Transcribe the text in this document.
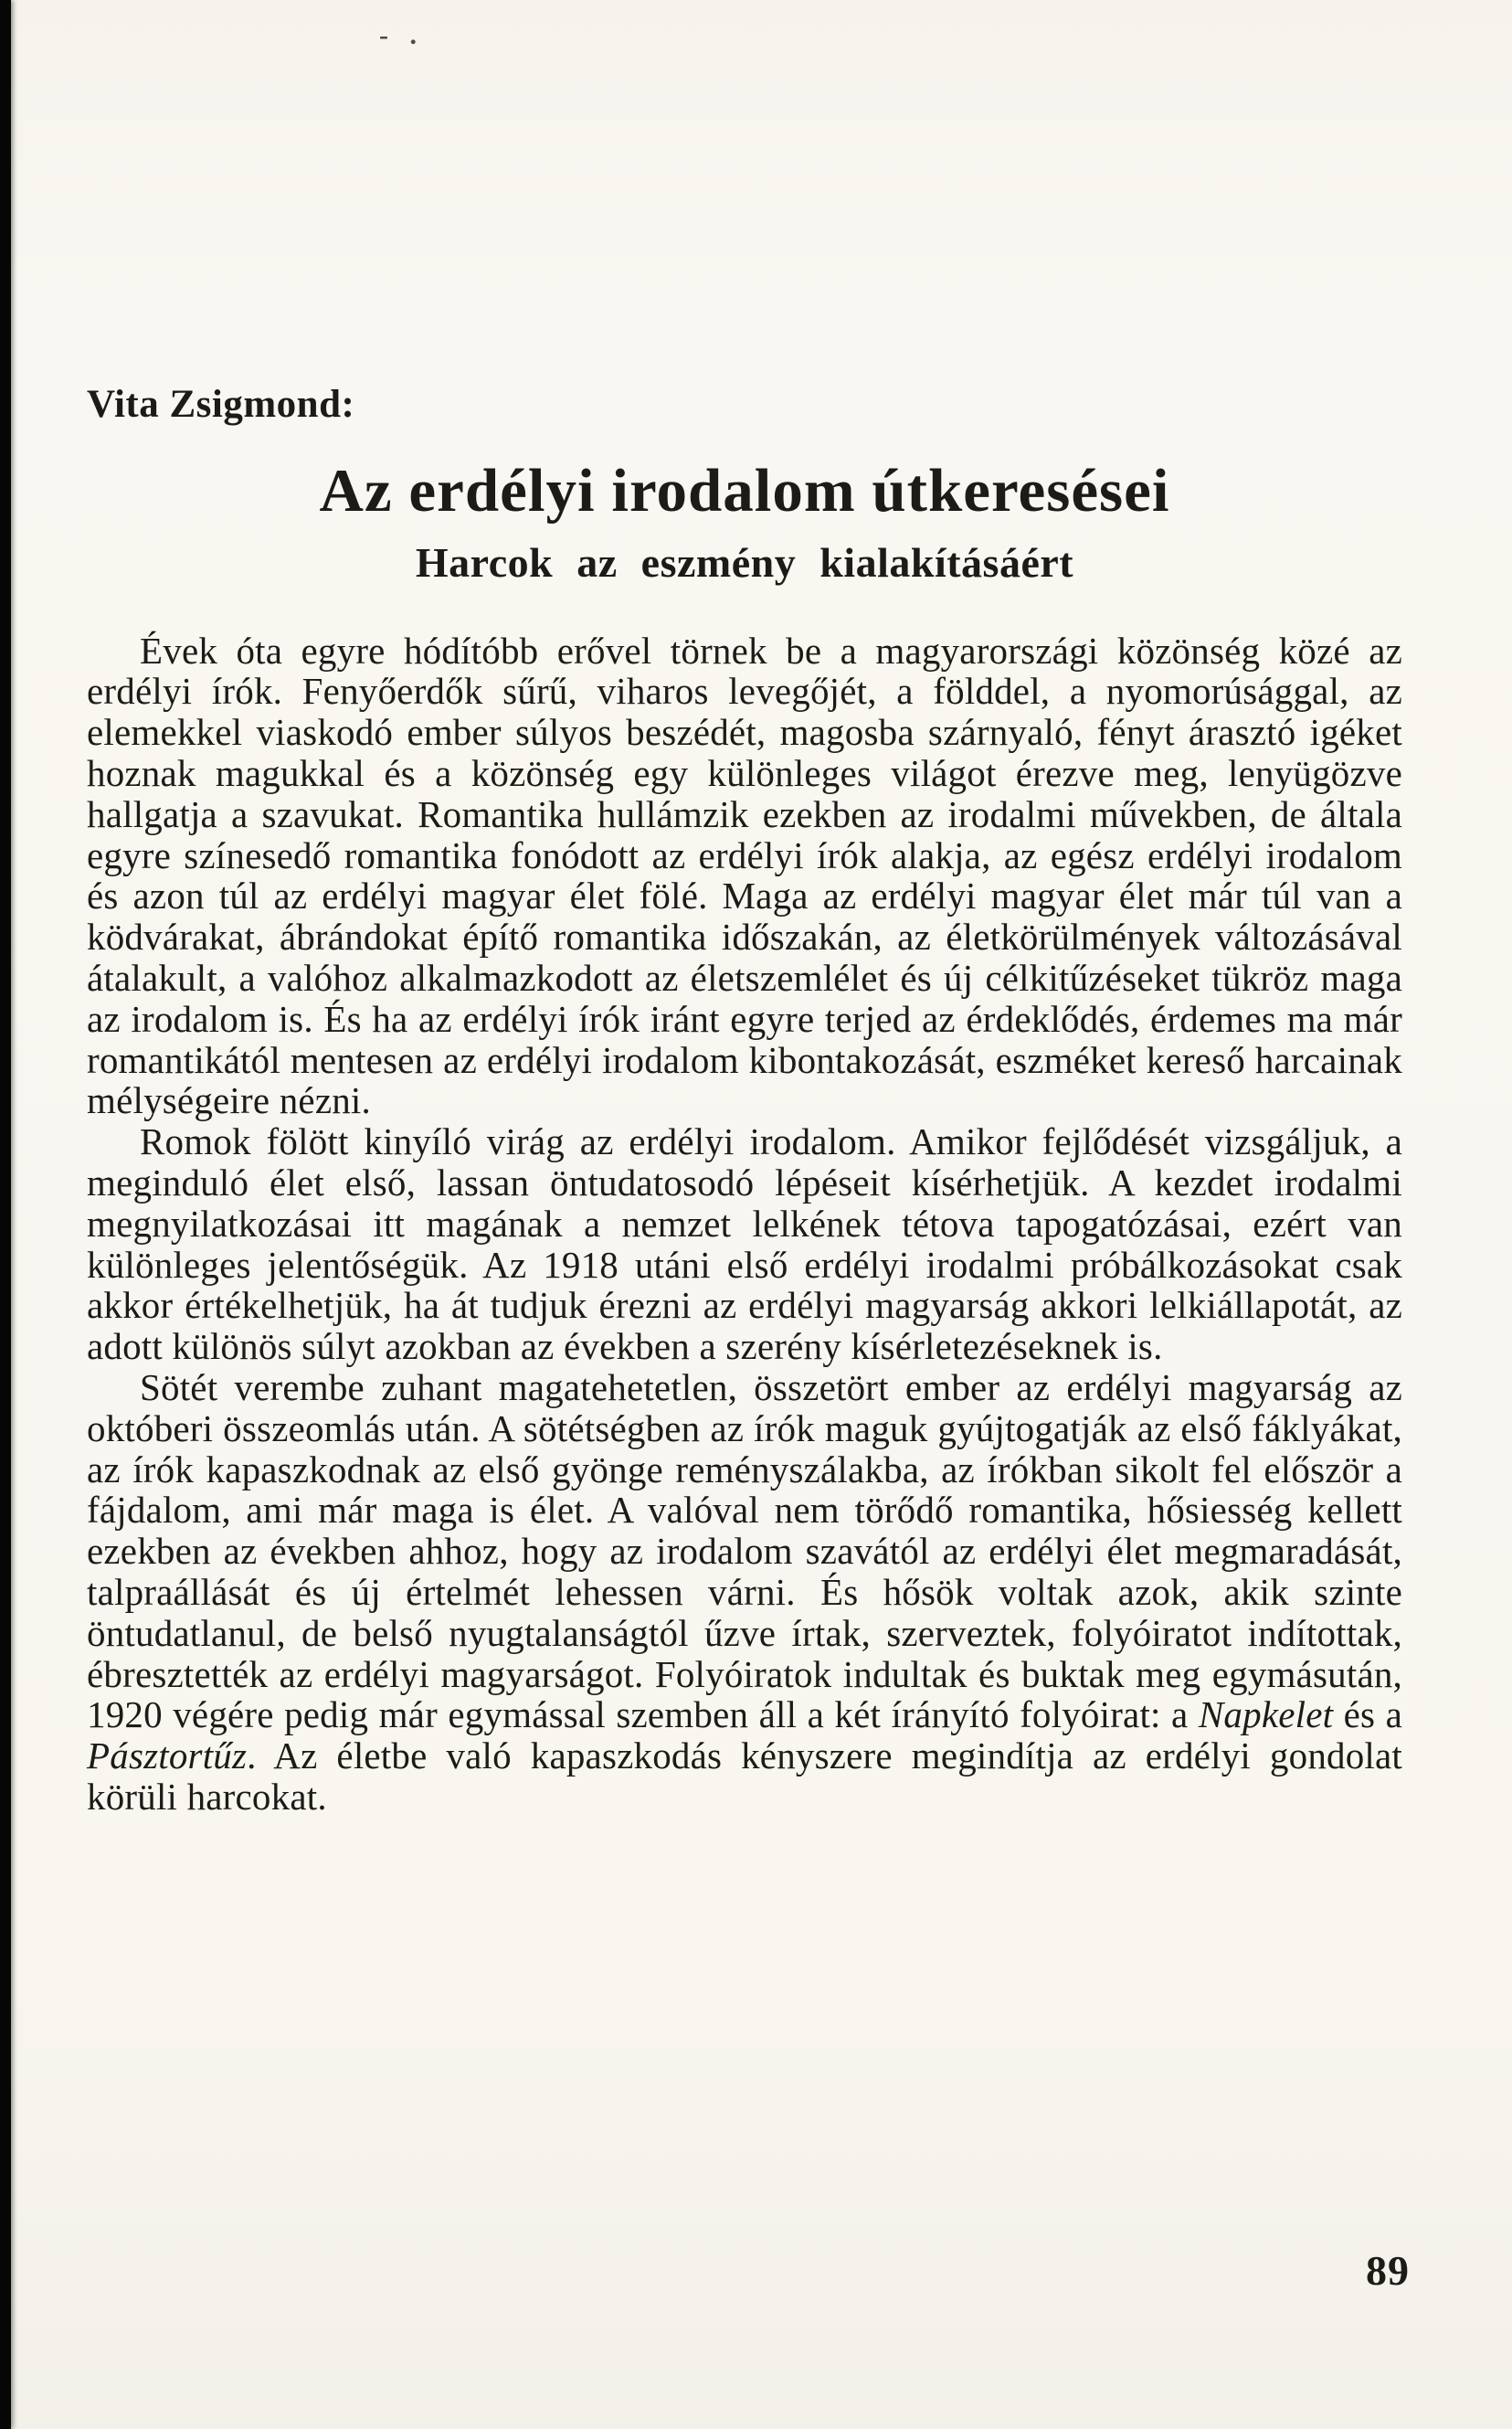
- .
Vita Zsigmond:
Az erdélyi irodalom útkeresései
Harcok az eszmény kialakításáért

Évek óta egyre hódítóbb erővel törnek be a magyarországi közönség közé az erdélyi írók. Fenyőerdők sűrű, viharos levegőjét, a földdel, a nyomorúsággal, az elemekkel viaskodó ember súlyos beszédét, magosba szárnyaló, fényt árasztó igéket hoznak magukkal és a közönség egy különleges világot érezve meg, lenyügözve hallgatja a szavukat. Romantika hullámzik ezekben az irodalmi művekben, de általa egyre színesedő romantika fonódott az erdélyi írók alakja, az egész erdélyi irodalom és azon túl az erdélyi magyar élet fölé. Maga az erdélyi magyar élet már túl van a ködvárakat, ábrándokat építő romantika időszakán, az életkörülmények változásával átalakult, a valóhoz alkalmazkodott az életszemlélet és új célkitűzéseket tükröz maga az irodalom is. És ha az erdélyi írók iránt egyre terjed az érdeklődés, érdemes ma már romantikától mentesen az erdélyi irodalom kibontakozását, eszméket kereső harcainak mélységeire nézni.

Romok fölött kinyíló virág az erdélyi irodalom. Amikor fejlődését vizsgáljuk, a meginduló élet első, lassan öntudatosodó lépéseit kísérhetjük. A kezdet irodalmi megnyilatkozásai itt magának a nemzet lelkének tétova tapogatózásai, ezért van különleges jelentőségük. Az 1918 utáni első erdélyi irodalmi próbálkozásokat csak akkor értékelhetjük, ha át tudjuk érezni az erdélyi magyarság akkori lelkiállapotát, az adott különös súlyt azokban az években a szerény kísérletezéseknek is.

Sötét verembe zuhant magatehetetlen, összetört ember az erdélyi magyarság az októberi összeomlás után. A sötétségben az írók maguk gyújtogatják az első fáklyákat, az írók kapaszkodnak az első gyönge reményszálakba, az írókban sikolt fel először a fájdalom, ami már maga is élet. A valóval nem törődő romantika, hősiesség kellett ezekben az években ahhoz, hogy az irodalom szavától az erdélyi élet megmaradását, talpraállását és új értelmét lehessen várni. És hősök voltak azok, akik szinte öntudatlanul, de belső nyugtalanságtól űzve írtak, szerveztek, folyóiratot indítottak, ébresztették az erdélyi magyarságot. Folyóiratok indultak és buktak meg egymásután, 1920 végére pedig már egymással szemben áll a két írányító folyóirat: a Napkelet és a Pásztortűz. Az életbe való kapaszkodás kényszere megindítja az erdélyi gondolat körüli harcokat.

89
